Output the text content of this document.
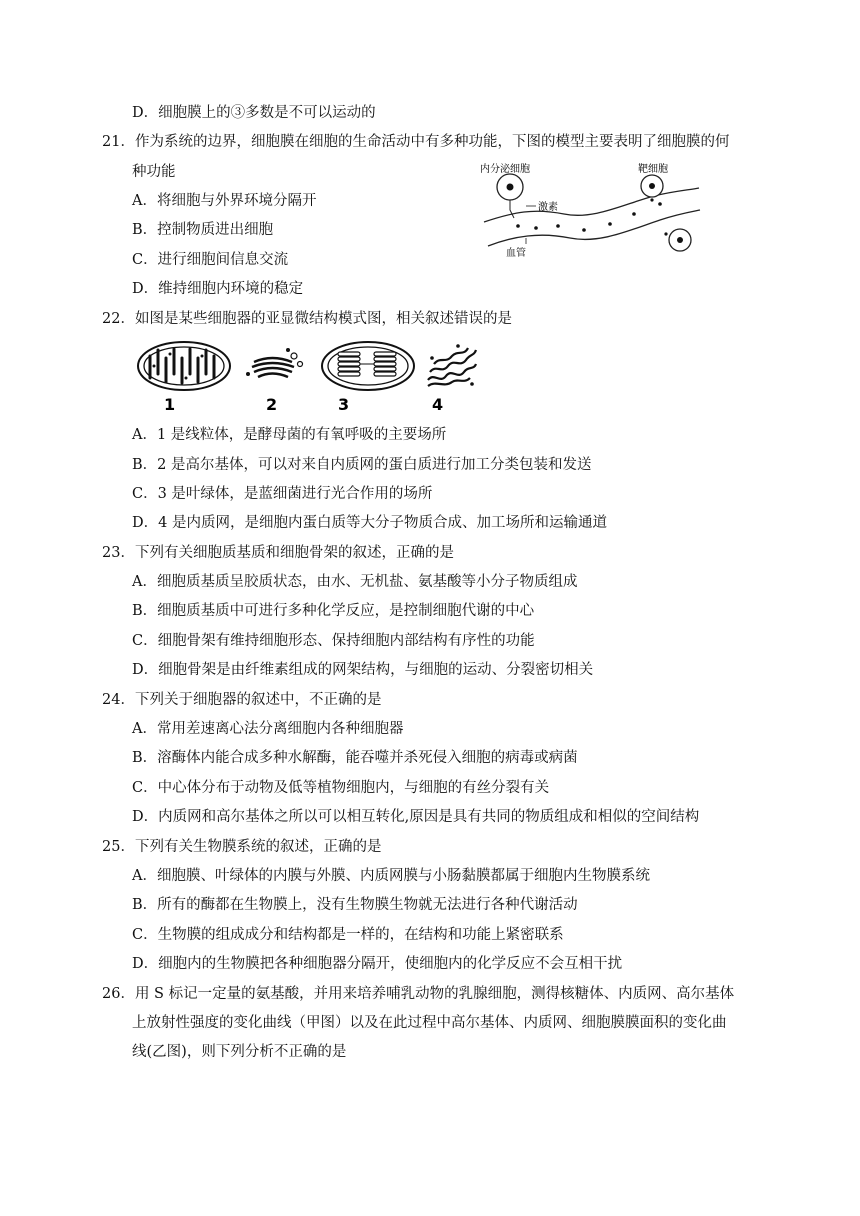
D．细胞膜上的③多数是不可以运动的
21．作为系统的边界，细胞膜在细胞的生命活动中有多种功能，下图的模型主要表明了细胞膜的何
种功能
A．将细胞与外界环境分隔开
B．控制物质进出细胞
C．进行细胞间信息交流
D．维持细胞内环境的稳定
内分泌细胞	靶细胞
激素
血管
22．如图是某些细胞器的亚显微结构模式图，相关叙述错误的是
1	2	3	4
A．1 是线粒体，是酵母菌的有氧呼吸的主要场所
B．2 是高尔基体，可以对来自内质网的蛋白质进行加工分类包装和发送
C．3 是叶绿体，是蓝细菌进行光合作用的场所
D．4 是内质网，是细胞内蛋白质等大分子物质合成、加工场所和运输通道
23．下列有关细胞质基质和细胞骨架的叙述，正确的是
A．细胞质基质呈胶质状态，由水、无机盐、氨基酸等小分子物质组成
B．细胞质基质中可进行多种化学反应，是控制细胞代谢的中心
C．细胞骨架有维持细胞形态、保持细胞内部结构有序性的功能
D．细胞骨架是由纤维素组成的网架结构，与细胞的运动、分裂密切相关
24．下列关于细胞器的叙述中，不正确的是
A．常用差速离心法分离细胞内各种细胞器
B．溶酶体内能合成多种水解酶，能吞噬并杀死侵入细胞的病毒或病菌
C．中心体分布于动物及低等植物细胞内，与细胞的有丝分裂有关
D．内质网和高尔基体之所以可以相互转化,原因是具有共同的物质组成和相似的空间结构
25．下列有关生物膜系统的叙述，正确的是
A．细胞膜、叶绿体的内膜与外膜、内质网膜与小肠黏膜都属于细胞内生物膜系统
B．所有的酶都在生物膜上，没有生物膜生物就无法进行各种代谢活动
C．生物膜的组成成分和结构都是一样的，在结构和功能上紧密联系
D．细胞内的生物膜把各种细胞器分隔开，使细胞内的化学反应不会互相干扰
26．用 S 标记一定量的氨基酸，并用来培养哺乳动物的乳腺细胞，测得核糖体、内质网、高尔基体
上放射性强度的变化曲线（甲图）以及在此过程中高尔基体、内质网、细胞膜膜面积的变化曲
线(乙图)，则下列分析不正确的是
